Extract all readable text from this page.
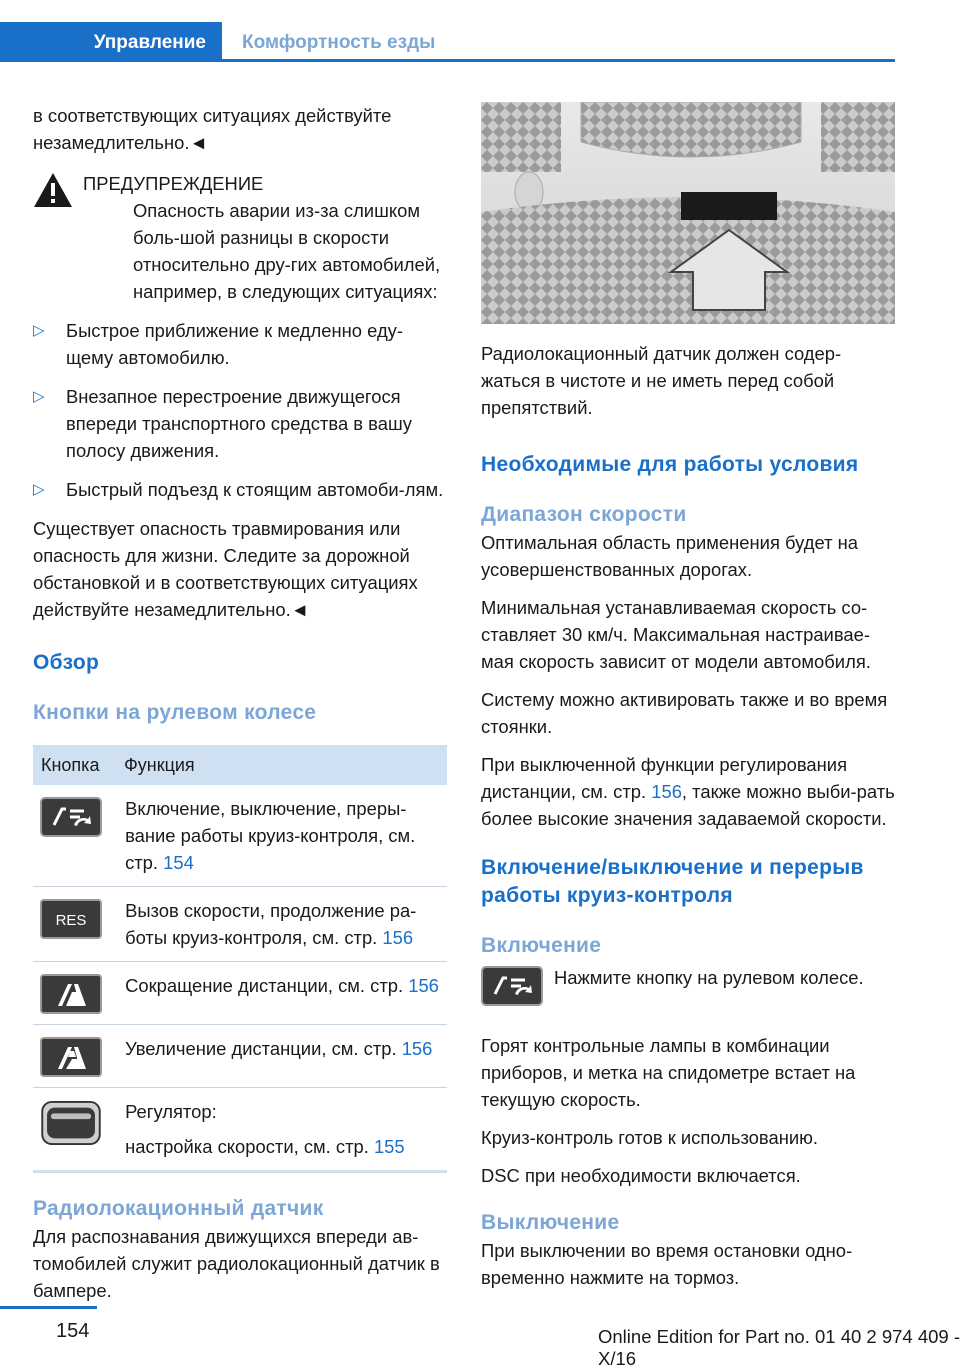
Управление Комфортность езды

в соответствующих ситуациях действуйте незамедлительно.◄

ПРЕДУПРЕЖДЕНИЕ

Опасность аварии из-за слишком боль-шой разницы в скорости относительно дру-гих автомобилей, например, в следующих ситуациях:

▷ Быстрое приближение к медленно еду-щему автомобилю.
▷ Внезапное перестроение движущегося впереди транспортного средства в вашу полосу движения.
▷ Быстрый подъезд к стоящим автомоби-лям.

Существует опасность травмирования или опасность для жизни. Следите за дорожной обстановкой и в соответствующих ситуациях действуйте незамедлительно.◄

Обзор
Кнопки на рулевом колесе
Кнопка	Функция

	Включение, выключение, преры-вание работы круиз-контроля, см. стр. 154

RES	Вызов скорости, продолжение ра-боты круиз-контроля, см. стр. 156

	Сокращение дистанции, см. стр. 156

	Увеличение дистанции, см. стр. 156

	Регулятор:
настройка скорости, см. стр. 155
Радиолокационный датчик

Для распознавания движущихся впереди ав-томобилей служит радиолокационный датчик в бампере.

Радиолокационный датчик должен содер-жаться в чистоте и не иметь перед собой препятствий.

Необходимые для работы условия
Диапазон скорости

Оптимальная область применения будет на усовершенствованных дорогах.

Минимальная устанавливаемая скорость со-ставляет 30 км/ч. Максимальная настраивае-мая скорость зависит от модели автомобиля.

Систему можно активировать также и во время стоянки.

При выключенной функции регулирования дистанции, см. стр. 156, также можно выби-рать более высокие значения задаваемой скорости.

Включение/выключение и перерыв работы круиз-контроля
Включение
Нажмите кнопку на рулевом колесе.

Горят контрольные лампы в комбинации приборов, и метка на спидометре встает на текущую скорость.

Круиз-контроль готов к использованию.

DSC при необходимости включается.

Выключение

При выключении во время остановки одно-временно нажмите на тормоз.

154	Online Edition for Part no. 01 40 2 974 409 - X/16
